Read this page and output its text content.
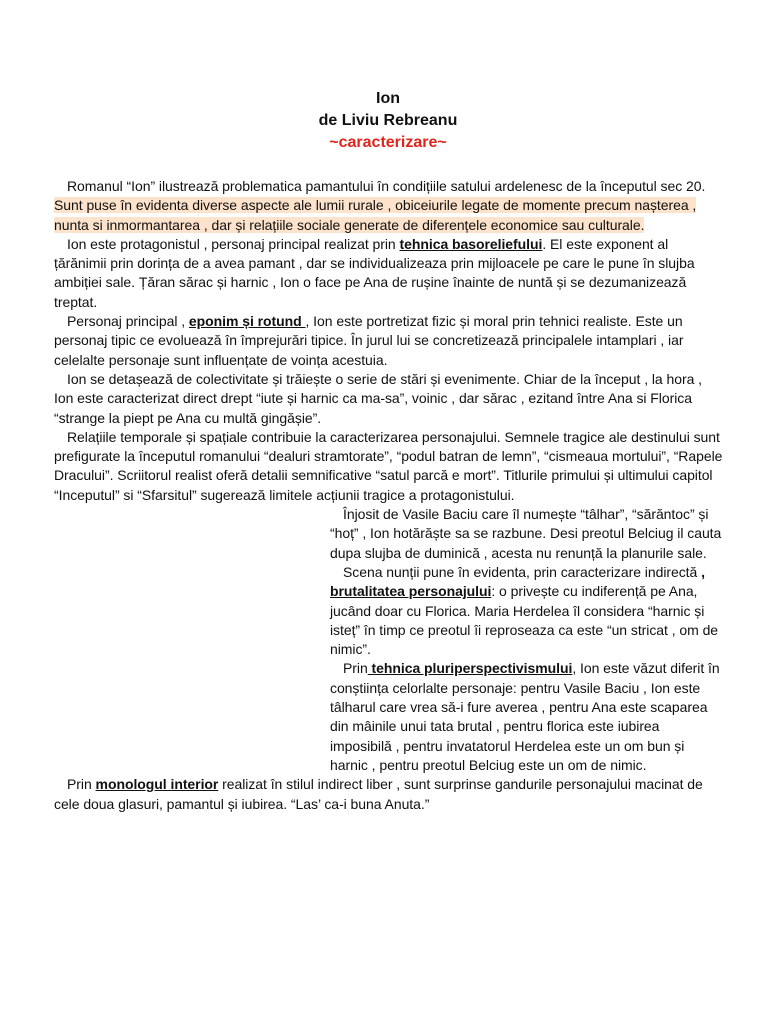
Ion

de Liviu Rebreanu

~caracterizare~

Romanul “Ion” ilustrează problematica pamantului în condițiile satului ardelenesc de la începutul sec 20. Sunt puse în evidenta diverse aspecte ale lumii rurale , obiceiurile legate de momente precum nașterea , nunta si inmormantarea , dar și relațiile sociale generate de diferențele economice sau culturale.

Ion este protagonistul , personaj principal realizat prin tehnica basoreliefului. El este exponent al țărănimii prin dorința de a avea pamant , dar se individualizeaza prin mijloacele pe care le pune în slujba ambiției sale. Țăran sărac și harnic , Ion o face pe Ana de rușine înainte de nuntă și se dezumanizează treptat.

Personaj principal , eponim și rotund , Ion este portretizat fizic și moral prin tehnici realiste. Este un personaj tipic ce evoluează în împrejurări tipice. În jurul lui se concretizează principalele intamplari , iar celelalte personaje sunt influențate de voința acestuia.

Ion se detașează de colectivitate și trăiește o serie de stări și evenimente. Chiar de la început , la hora , Ion este caracterizat direct drept “iute și harnic ca ma-sa”, voinic , dar sărac , ezitand între Ana si Florica “strange la piept pe Ana cu multă gingășie”.

Relațiile temporale și spațiale contribuie la caracterizarea personajului. Semnele tragice ale destinului sunt prefigurate la începutul romanului “dealuri stramtorate”, “podul batran de lemn”, “cismeaua mortului”, “Rapele Dracului”. Scriitorul realist oferă detalii semnificative “satul parcă e mort”. Titlurile primului și ultimului capitol “Inceputul” si “Sfarsitul” sugerează limitele acțiunii tragice a protagonistului.

Înjosit de Vasile Baciu care îl numește “tâlhar”, “sărăntoc” și “hoț” , Ion hotărăște sa se razbune. Desi preotul Belciug il cauta dupa slujba de duminică , acesta nu renunță la planurile sale.

Scena nunții pune în evidenta, prin caracterizare indirectă , brutalitatea personajului: o privește cu indiferență pe Ana, jucând doar cu Florica. Maria Herdelea îl considera “harnic și isteț” în timp ce preotul îi reproseaza ca este “un stricat , om de nimic”.

Prin tehnica pluriperspectivismului, Ion este văzut diferit în conștiința celorlalte personaje: pentru Vasile Baciu , Ion este tâlharul care vrea să-i fure averea , pentru Ana este scaparea din mâinile unui tata brutal , pentru florica este iubirea imposibilă , pentru invatatorul Herdelea este un om bun și harnic , pentru preotul Belciug este un om de nimic.

Prin monologul interior realizat în stilul indirect liber , sunt surprinse gandurile personajului macinat de cele doua glasuri, pamantul și iubirea. “Las’ ca-i buna Anuta.”
